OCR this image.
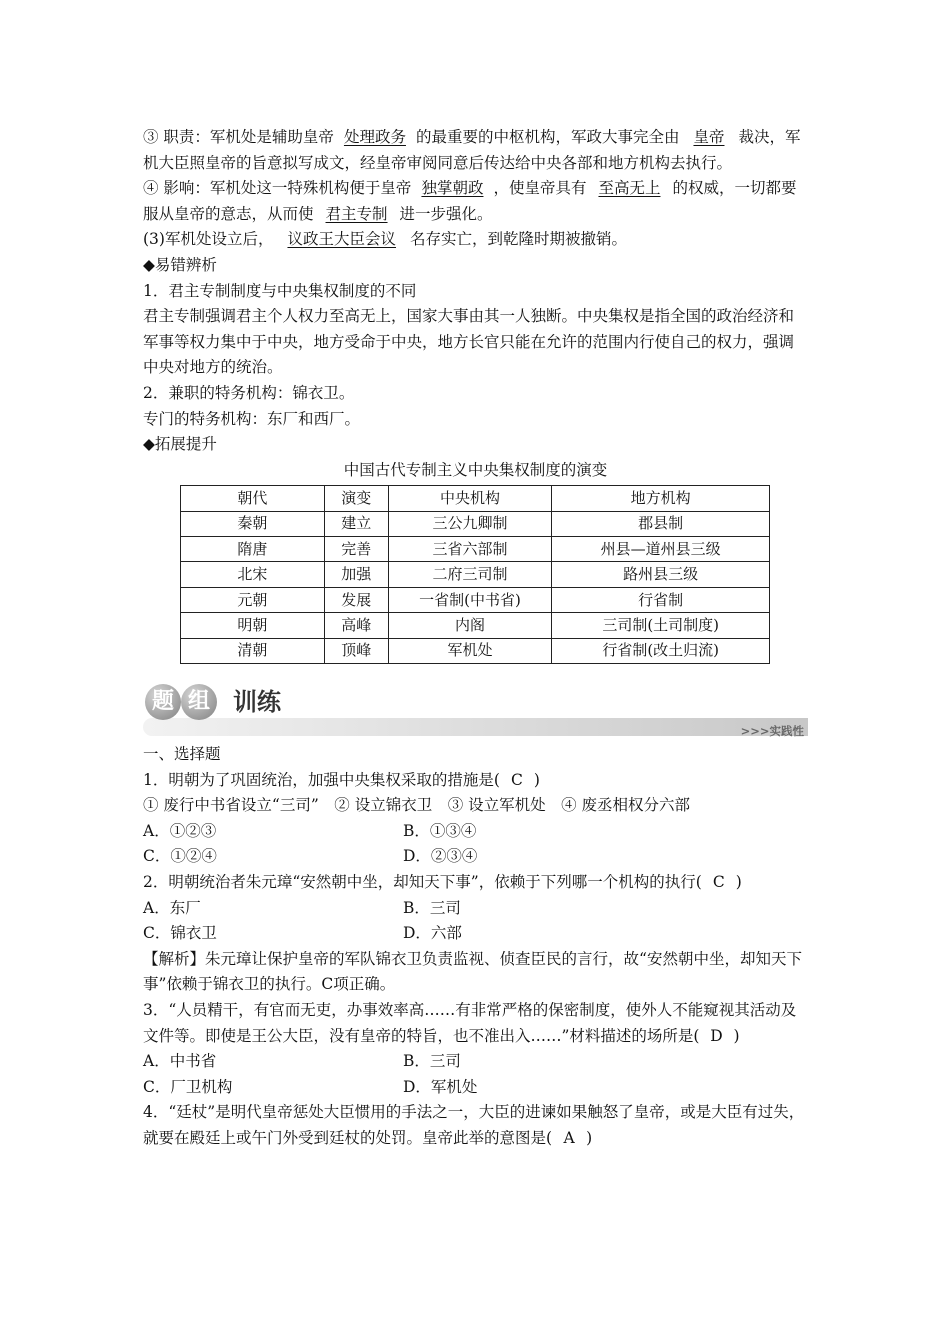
③ 职责：军机处是辅助皇帝 处理政务 的最重要的中枢机构，军政大事完全由 皇帝 裁决，军机大臣照皇帝的旨意拟写成文，经皇帝审阅同意后传达给中央各部和地方机构去执行。

④ 影响：军机处这一特殊机构便于皇帝 独掌朝政 ，使皇帝具有 至高无上 的权威，一切都要服从皇帝的意志，从而使 君主专制 进一步强化。

(3)军机处设立后， 议政王大臣会议 名存实亡，到乾隆时期被撤销。

◆易错辨析

1．君主专制制度与中央集权制度的不同

君主专制强调君主个人权力至高无上，国家大事由其一人独断。中央集权是指全国的政治经济和军事等权力集中于中央，地方受命于中央，地方长官只能在允许的范围内行使自己的权力，强调中央对地方的统治。

2．兼职的特务机构：锦衣卫。

专门的特务机构：东厂和西厂。

◆拓展提升

中国古代专制主义中央集权制度的演变

朝代	演变	中央机构	地方机构
秦朝	建立	三公九卿制	郡县制
隋唐	完善	三省六部制	州县—道州县三级
北宋	加强	二府三司制	路州县三级
元朝	发展	一省制(中书省)	行省制
明朝	高峰	内阁	三司制(土司制度)
清朝	顶峰	军机处	行省制(改土归流)
题 组 训练
>>>实践性

一、选择题

1．明朝为了巩固统治，加强中央集权采取的措施是( C )

① 废行中书省设立“三司”　② 设立锦衣卫　③ 设立军机处　④ 废丞相权分六部

A．①②③	B．①③④
C．①②④	D．②③④

2．明朝统治者朱元璋“安然朝中坐，却知天下事”，依赖于下列哪一个机构的执行( C )

A．东厂	B．三司
C．锦衣卫	D．六部

【解析】朱元璋让保护皇帝的军队锦衣卫负责监视、侦查臣民的言行，故“安然朝中坐，却知天下事”依赖于锦衣卫的执行。C项正确。

3．“人员精干，有官而无吏，办事效率高……有非常严格的保密制度，使外人不能窥视其活动及文件等。即使是王公大臣，没有皇帝的特旨，也不准出入……”材料描述的场所是( D )

A．中书省	B．三司
C．厂卫机构	D．军机处

4．“廷杖”是明代皇帝惩处大臣惯用的手法之一，大臣的进谏如果触怒了皇帝，或是大臣有过失，就要在殿廷上或午门外受到廷杖的处罚。皇帝此举的意图是( A )
